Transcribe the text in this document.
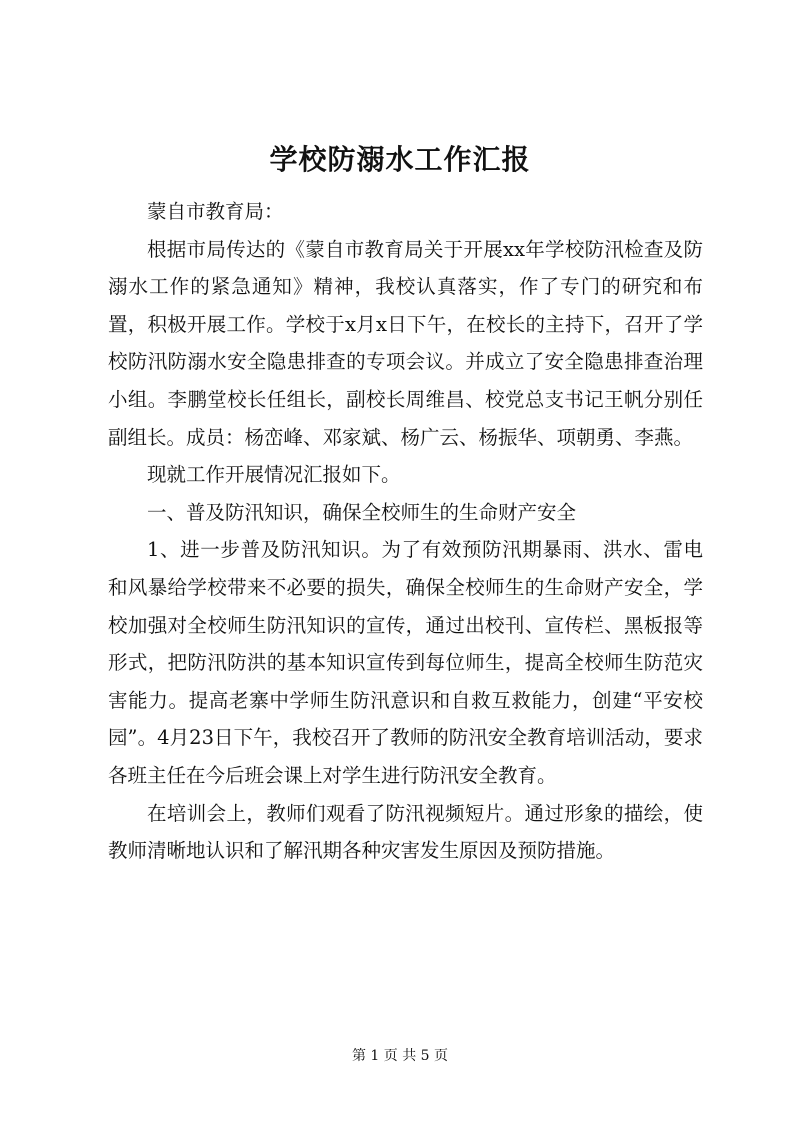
学校防溺水工作汇报

蒙自市教育局：

根据市局传达的《蒙自市教育局关于开展xx年学校防汛检查及防溺水工作的紧急通知》精神，我校认真落实，作了专门的研究和布置，积极开展工作。学校于x月x日下午，在校长的主持下，召开了学校防汛防溺水安全隐患排查的专项会议。并成立了安全隐患排查治理小组。李鹏堂校长任组长，副校长周维昌、校党总支书记王帆分别任副组长。成员：杨峦峰、邓家斌、杨广云、杨振华、项朝勇、李燕。

现就工作开展情况汇报如下。

一、普及防汛知识，确保全校师生的生命财产安全

1、进一步普及防汛知识。为了有效预防汛期暴雨、洪水、雷电和风暴给学校带来不必要的损失，确保全校师生的生命财产安全，学校加强对全校师生防汛知识的宣传，通过出校刊、宣传栏、黑板报等形式，把防汛防洪的基本知识宣传到每位师生，提高全校师生防范灾害能力。提高老寨中学师生防汛意识和自救互救能力，创建“平安校园”。4月23日下午，我校召开了教师的防汛安全教育培训活动，要求各班主任在今后班会课上对学生进行防汛安全教育。

在培训会上，教师们观看了防汛视频短片。通过形象的描绘，使教师清晰地认识和了解汛期各种灾害发生原因及预防措施。

第 1 页 共 5 页
